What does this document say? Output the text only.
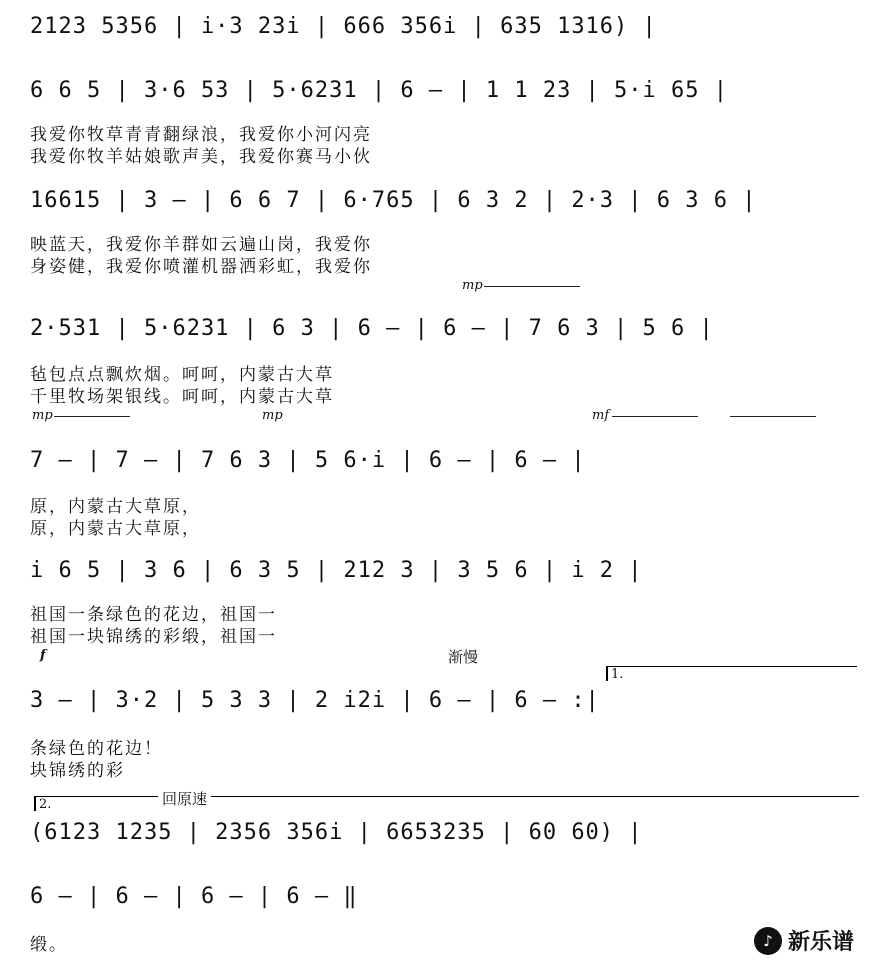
2123 5356 | i·3 23i | 666 356i | 635 1316) |
6 6 5 | 3·6 53 | 5·6231 | 6 – | 1 1 23 | 5·i 65 |
我爱你牧草青青翻绿浪，我爱你小河闪亮
我爱你牧羊姑娘歌声美，我爱你赛马小伙
16615 | 3 – | 6 6 7 | 6·765 | 6 3 2 | 2·3 | 6 3 6 |
映蓝天，我爱你羊群如云遍山岗，我爱你
身姿健，我爱你喷灌机器洒彩虹，我爱你
mp
2·531 | 5·6231 | 6 3 | 6 – | 6 – | 7 6 3 | 5 6 |
毡包点点飘炊烟。呵呵，内蒙古大草
千里牧场架银线。呵呵，内蒙古大草
mp	mp	mf
7 – | 7 – | 7 6 3 | 5 6·i | 6 – | 6 – |
原，内蒙古大草原，
原，内蒙古大草原，
i 6 5 | 3 6 | 6 3 5 | 212 3 | 3 5 6 | i 2 |
祖国一条绿色的花边，祖国一
祖国一块锦绣的彩缎，祖国一
f	渐慢
1.
3 – | 3·2 | 5 3 3 | 2 i2i | 6 – | 6 – :|
条绿色的花边！
块锦绣的彩
2.	回原速
(6123 1235 | 2356 356i | 6653235 | 60 60) |
6 – | 6 – | 6 – | 6 – ‖
缎。	♪ 新乐谱
